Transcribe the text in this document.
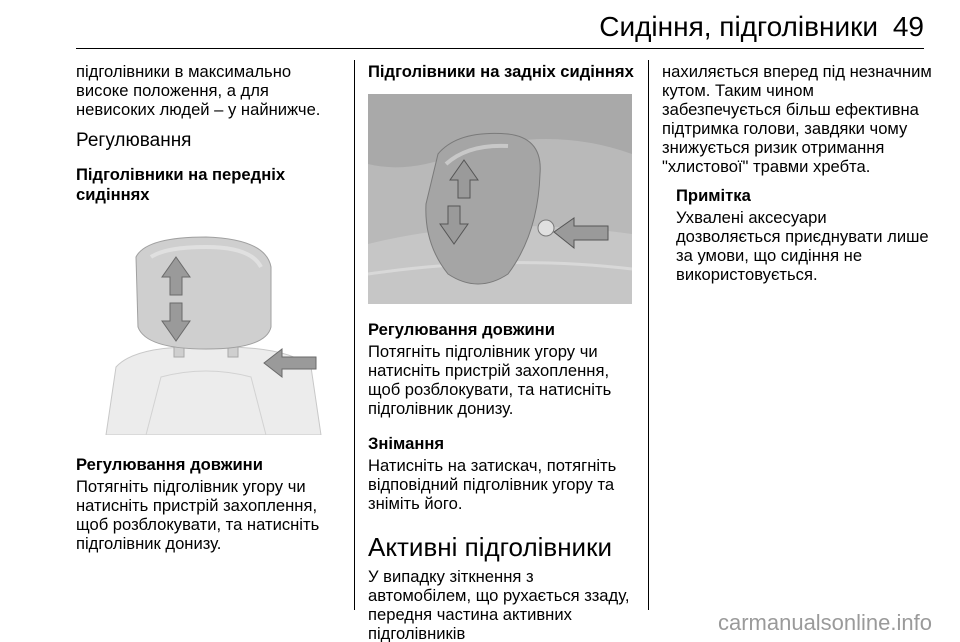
Сидіння, підголівники 49

підголівники в максимально високе положення, а для невисоких людей – у найнижче.

Регулювання
Підголівники на передніх сидіннях
Регулювання довжини

Потягніть підголівник угору чи натисніть пристрій захоплення, щоб розблокувати, та натисніть підголівник донизу.

Підголівники на задніх сидіннях
Регулювання довжини

Потягніть підголівник угору чи натисніть пристрій захоплення, щоб розблокувати, та натисніть підголівник донизу.

Знімання

Натисніть на затискач, потягніть відповідний підголівник угору та зніміть його.

Активні підголівники

У випадку зіткнення з автомобілем, що рухається ззаду, передня частина активних підголівників

нахиляється вперед під незначним кутом. Таким чином забезпечується більш ефективна підтримка голови, завдяки чому знижується ризик отримання "хлистової" травми хребта.

Примітка

Ухвалені аксесуари дозволяється приєднувати лише за умови, що сидіння не використовується.

carmanualsonline.info
